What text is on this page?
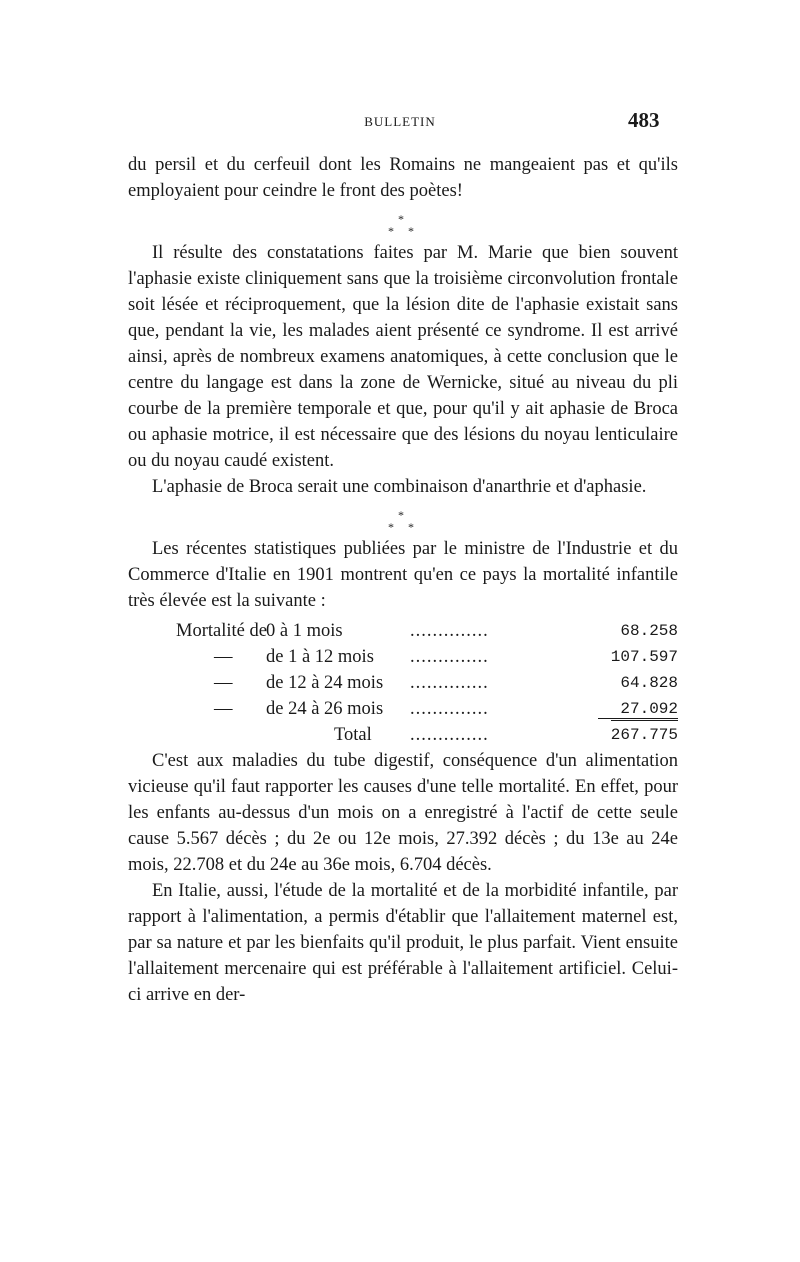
BULLETIN	483

du persil et du cerfeuil dont les Romains ne mangeaient pas et qu'ils employaient pour ceindre le front des poètes!

*
* *

Il résulte des constatations faites par M. Marie que bien souvent l'aphasie existe cliniquement sans que la troisième circonvolution frontale soit lésée et réciproquement, que la lésion dite de l'aphasie existait sans que, pendant la vie, les malades aient présenté ce syndrome. Il est arrivé ainsi, après de nombreux examens anatomiques, à cette conclusion que le centre du langage est dans la zone de Wernicke, situé au niveau du pli courbe de la première temporale et que, pour qu'il y ait aphasie de Broca ou aphasie motrice, il est nécessaire que des lésions du noyau lenticulaire ou du noyau caudé existent.

L'aphasie de Broca serait une combinaison d'anarthrie et d'aphasie.

*
* *

Les récentes statistiques publiées par le ministre de l'Industrie et du Commerce d'Italie en 1901 montrent qu'en ce pays la mortalité infantile très élevée est la suivante :

Mortalité de 0 à 1 mois	..............	68.258
— de 1 à 12 mois ..............	107.597
— de 12 à 24 mois ..............	64.828
— de 24 à 26 mois ..............	27.092
Total ..............	267.775

C'est aux maladies du tube digestif, conséquence d'un alimentation vicieuse qu'il faut rapporter les causes d'une telle mortalité. En effet, pour les enfants au-dessus d'un mois on a enregistré à l'actif de cette seule cause 5.567 décès ; du 2e ou 12e mois, 27.392 décès ; du 13e au 24e mois, 22.708 et du 24e au 36e mois, 6.704 décès.

En Italie, aussi, l'étude de la mortalité et de la morbidité infantile, par rapport à l'alimentation, a permis d'établir que l'allaitement maternel est, par sa nature et par les bienfaits qu'il produit, le plus parfait. Vient ensuite l'allaitement mercenaire qui est préférable à l'allaitement artificiel. Celui-ci arrive en der-
